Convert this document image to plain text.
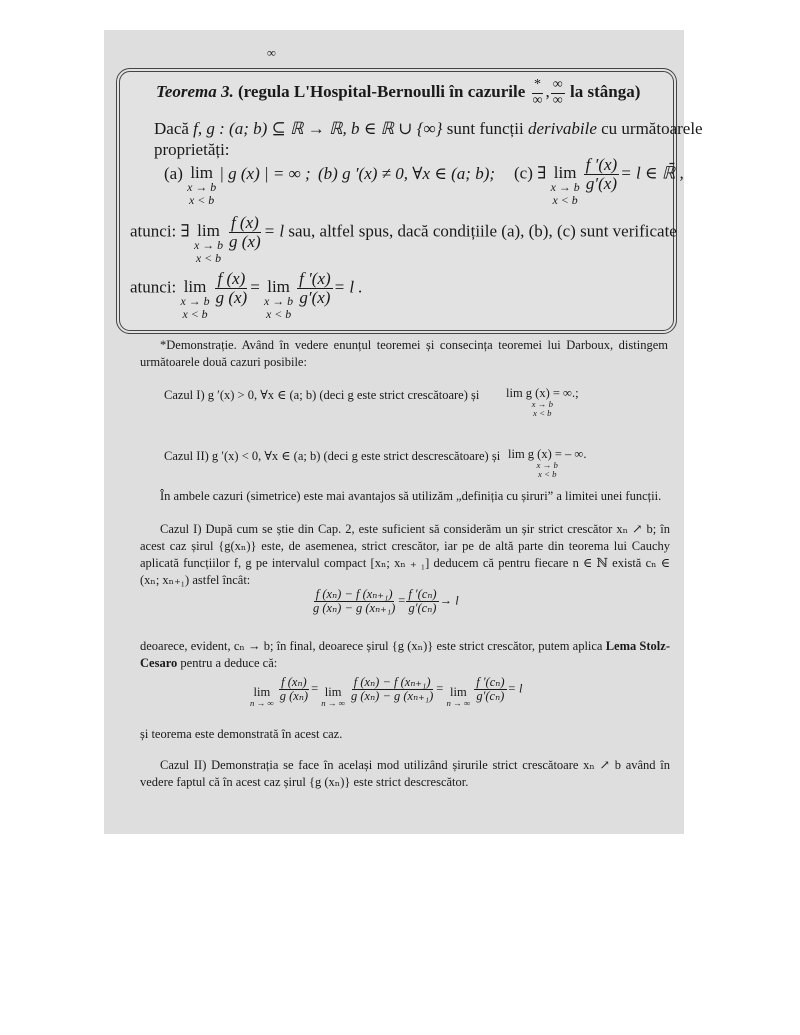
∞
Teorema 3. (regula L'Hospital-Bernoulli în cazurile $\frac{*}{\infty}$ , $\frac{\infty}{\infty}$ la stânga)
Dacă f, g : (a; b) ⊆ ℝ → ℝ, b ∈ ℝ ∪ {∞} sunt funcții derivabile cu următoarele
proprietăți:
(a) lim
x → b
x < b
| g (x) | = ∞ ; (b) g ′(x) ≠ 0, ∀x ∈ (a; b); (c) ∃ lim
x → b
x < b
$\frac{f '(x)}{g'(x)} = l$ ∈ ℝ̄ ,
atunci: ∃ lim
x → b
x < b
$\frac{f (x)}{g (x)} = l$ sau, altfel spus, dacă condițiile (a), (b), (c) sunt verificate
atunci: lim
x → b
x < b
$\frac{f (x)}{g (x)} = \lim$
x → b
x < b
$\frac{f '(x)}{g'(x)} = l$ .
*Demonstrație. Având în vedere enunțul teoremei și consecința teoremei lui Darboux, distingem următoarele două cazuri posibile:
Cazul I) g ′(x) > 0, ∀x ∈ (a; b) (deci g este strict crescătoare) și lim g (x) = ∞.;
x → b
x < b
Cazul II) g ′(x) < 0, ∀x ∈ (a; b) (deci g este strict descrescătoare) și lim g (x) = – ∞.
x → b
x < b
În ambele cazuri (simetrice) este mai avantajos să utilizăm „definiția cu șiruri” a limitei unei funcții.
Cazul I) După cum se știe din Cap. 2, este suficient să considerăm un șir strict crescător xₙ ↗ b; în acest caz șirul {g(xₙ)} este, de asemenea, strict crescător, iar pe de altă parte din teorema lui Cauchy aplicată funcțiilor f, g pe intervalul compact [xₙ; xₙ ₊ ₁] deducem că pentru fiecare n ∈ ℕ există cₙ ∈ (xₙ; xₙ₊₁) astfel încât:
$\frac{\text{f (xₙ) − f (xₙ₊₁)}}{\text{g (xₙ) − g (xₙ₊₁)}} = \frac{\text{f ′(cₙ)}}{\text{g′(cₙ)}} \to l$
deoarece, evident, cₙ → b; în final, deoarece șirul {g (xₙ)} este strict crescător, putem aplica Lema Stolz-Cesaro pentru a deduce că:
lim
n → ∞ $\frac{\text{f (xₙ)}}{\text{g (xₙ)}} = \lim$
n → ∞ $\frac{\text{f (xₙ) − f (xₙ₊₁)}}{\text{g (xₙ) − g (xₙ₊₁)}} = \lim$
n → ∞ $\frac{\text{f ′(cₙ)}}{\text{g′(cₙ)}} = l$
și teorema este demonstrată în acest caz.
Cazul II) Demonstrația se face în același mod utilizând șirurile strict crescătoare xₙ ↗ b având în vedere faptul că în acest caz șirul {g (xₙ)} este strict descrescător.
